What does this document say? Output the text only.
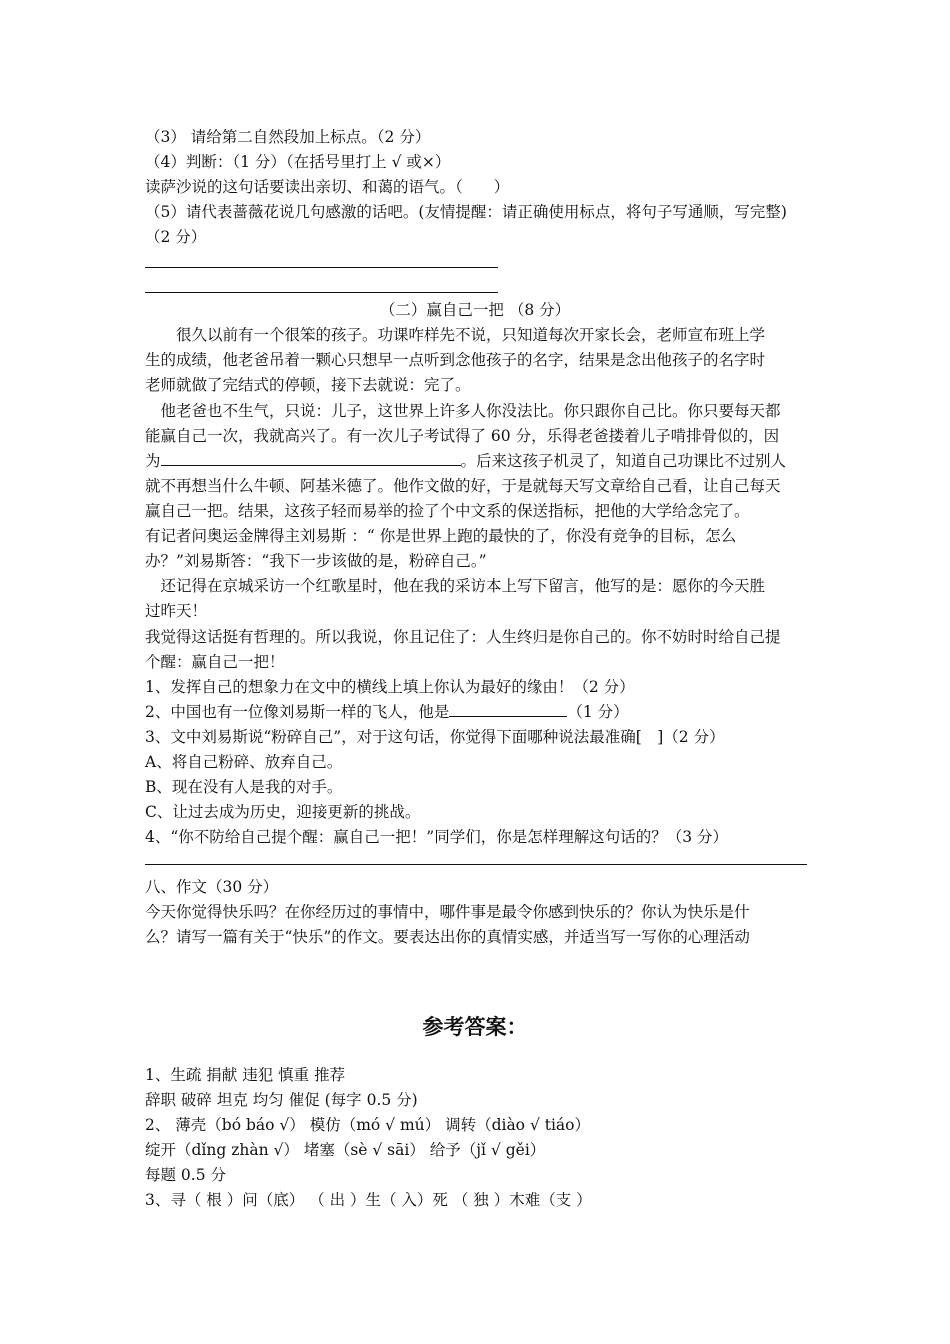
（3） 请给第二自然段加上标点。（2 分）
（4）判断：（1 分）（在括号里打上 √ 或×）
读萨沙说的这句话要读出亲切、和蔼的语气。（　　）
（5）请代表蔷薇花说几句感激的话吧。(友情提醒：请正确使用标点，将句子写通顺，写完整)
（2 分）
（二）赢自己一把 （8 分）
　　很久以前有一个很笨的孩子。功课咋样先不说，只知道每次开家长会，老师宣布班上学
生的成绩，他老爸吊着一颗心只想早一点听到念他孩子的名字，结果是念出他孩子的名字时
老师就做了完结式的停顿，接下去就说：完了。
　他老爸也不生气，只说：儿子，这世界上许多人你没法比。你只跟你自己比。你只要每天都
能赢自己一次，我就高兴了。有一次儿子考试得了 60 分，乐得老爸搂着儿子啃排骨似的，因
为	。后来这孩子机灵了，知道自己功课比不过别人
就不再想当什么牛顿、阿基米德了。他作文做的好，于是就每天写文章给自己看，让自己每天
赢自己一把。结果，这孩子轻而易举的捡了个中文系的保送指标，把他的大学给念完了。
有记者问奥运金牌得主刘易斯 ：“ 你是世界上跑的最快的了，你没有竞争的目标，怎么
办？”刘易斯答：“我下一步该做的是，粉碎自己。”
　还记得在京城采访一个红歌星时，他在我的采访本上写下留言，他写的是：愿你的今天胜
过昨天！
我觉得这话挺有哲理的。所以我说，你且记住了：人生终归是你自己的。你不妨时时给自己提
个醒：赢自己一把！
1、发挥自己的想象力在文中的横线上填上你认为最好的缘由！（2 分）
2、中国也有一位像刘易斯一样的飞人，他是	（1 分）
3、文中刘易斯说“粉碎自己”，对于这句话，你觉得下面哪种说法最准确[　]（2 分）
A、将自己粉碎、放弃自己。
B、现在没有人是我的对手。
C、让过去成为历史，迎接更新的挑战。
4、“你不防给自己提个醒：赢自己一把！”同学们，你是怎样理解这句话的？（3 分）
八、作文（30 分）
今天你觉得快乐吗？在你经历过的事情中，哪件事是最令你感到快乐的？你认为快乐是什
么？请写一篇有关于“快乐”的作文。要表达出你的真情实感，并适当写一写你的心理活动
参考答案：
1、生疏 捐献 违犯 慎重 推荐
辞职 破碎 坦克 均匀 催促 (每字 0.5 分)
2、 薄壳（bó báo √） 模仿（mó √ mú） 调转（diào √ tiáo）
绽开（dǐng zhàn √） 堵塞（sè √ sāi） 给予（jǐ √ gěi）
每题 0.5 分
3、寻（ 根 ）问（底） （ 出 ）生（ 入）死 （ 独 ）木难（支 ）
